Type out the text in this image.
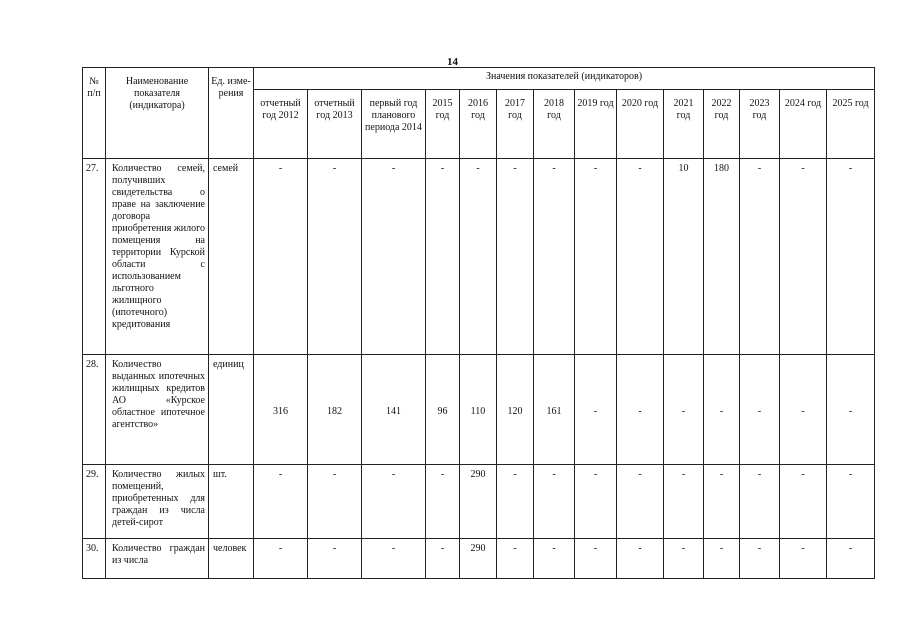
14
№ п/п	Наименование показателя (индикатора)	Ед. изме-рения	Значения показателей (индикаторов)													
			отчетный год 2012	отчетный год 2013	первый год планового периода 2014	2015 год	2016 год	2017 год	2018 год	2019 год	2020 год	2021 год	2022 год	2023 год	2024 год	2025 год
27.	Количество семей, получивших свидетельства о праве на заключение договора приобретения жилого помещения на территории Курской области с использованием льготного жилищного (ипотечного) кредитования	семей	-	-	-	-	-	-	-	-	-	10	180	-	-	-
28.	Количество выданных ипотечных жилищных кредитов АО «Курское областное ипотечное агентство»	единиц	316	182	141	96	110	120	161	-	-	-	-	-	-	-
29.	Количество жилых помещений, приобретенных для граждан из числа детей-сирот	шт.	-	-	-	-	290	-	-	-	-	-	-	-	-	-
30.	Количество граждан из числа	человек	-	-	-	-	290	-	-	-	-	-	-	-	-	-
